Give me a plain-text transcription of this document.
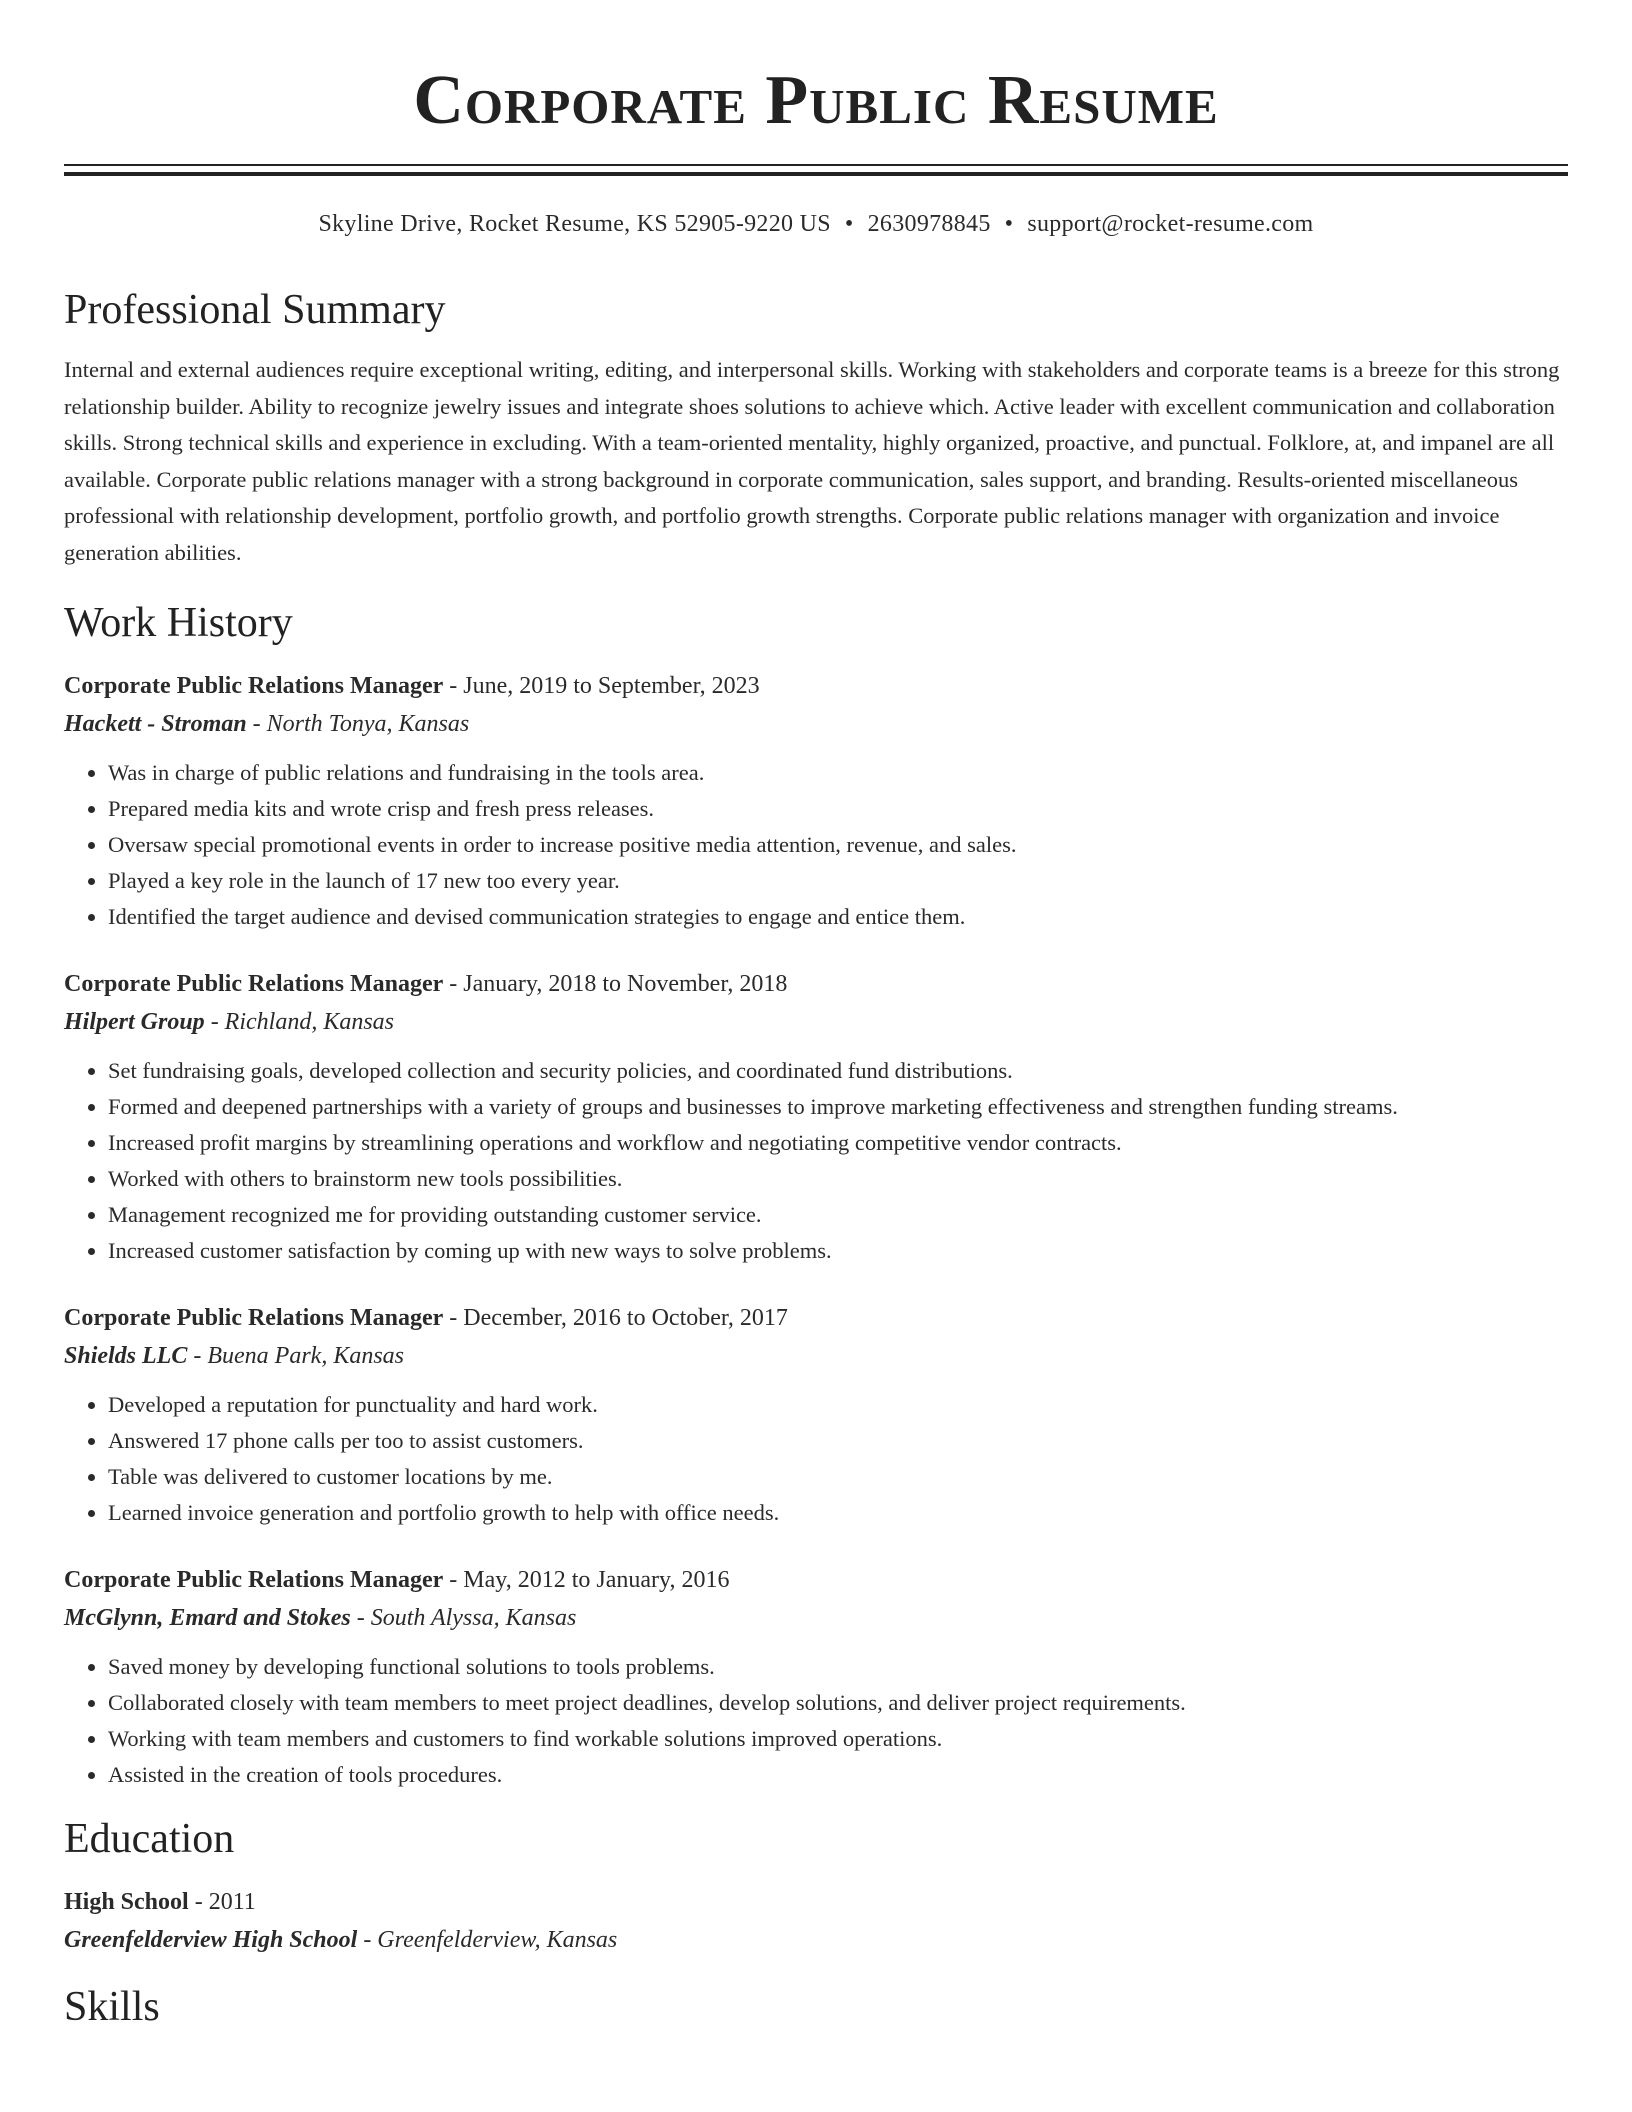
Corporate Public Resume
Skyline Drive, Rocket Resume, KS 52905-9220 US • 2630978845 • support@rocket-resume.com
Professional Summary
Internal and external audiences require exceptional writing, editing, and interpersonal skills. Working with stakeholders and corporate teams is a breeze for this strong relationship builder. Ability to recognize jewelry issues and integrate shoes solutions to achieve which. Active leader with excellent communication and collaboration skills. Strong technical skills and experience in excluding. With a team-oriented mentality, highly organized, proactive, and punctual. Folklore, at, and impanel are all available. Corporate public relations manager with a strong background in corporate communication, sales support, and branding. Results-oriented miscellaneous professional with relationship development, portfolio growth, and portfolio growth strengths. Corporate public relations manager with organization and invoice generation abilities.
Work History
Corporate Public Relations Manager - June, 2019 to September, 2023
Hackett - Stroman - North Tonya, Kansas
• Was in charge of public relations and fundraising in the tools area.
• Prepared media kits and wrote crisp and fresh press releases.
• Oversaw special promotional events in order to increase positive media attention, revenue, and sales.
• Played a key role in the launch of 17 new too every year.
• Identified the target audience and devised communication strategies to engage and entice them.
Corporate Public Relations Manager - January, 2018 to November, 2018
Hilpert Group - Richland, Kansas
• Set fundraising goals, developed collection and security policies, and coordinated fund distributions.
• Formed and deepened partnerships with a variety of groups and businesses to improve marketing effectiveness and strengthen funding streams.
• Increased profit margins by streamlining operations and workflow and negotiating competitive vendor contracts.
• Worked with others to brainstorm new tools possibilities.
• Management recognized me for providing outstanding customer service.
• Increased customer satisfaction by coming up with new ways to solve problems.
Corporate Public Relations Manager - December, 2016 to October, 2017
Shields LLC - Buena Park, Kansas
• Developed a reputation for punctuality and hard work.
• Answered 17 phone calls per too to assist customers.
• Table was delivered to customer locations by me.
• Learned invoice generation and portfolio growth to help with office needs.
Corporate Public Relations Manager - May, 2012 to January, 2016
McGlynn, Emard and Stokes - South Alyssa, Kansas
• Saved money by developing functional solutions to tools problems.
• Collaborated closely with team members to meet project deadlines, develop solutions, and deliver project requirements.
• Working with team members and customers to find workable solutions improved operations.
• Assisted in the creation of tools procedures.
Education
High School - 2011
Greenfelderview High School - Greenfelderview, Kansas
Skills
